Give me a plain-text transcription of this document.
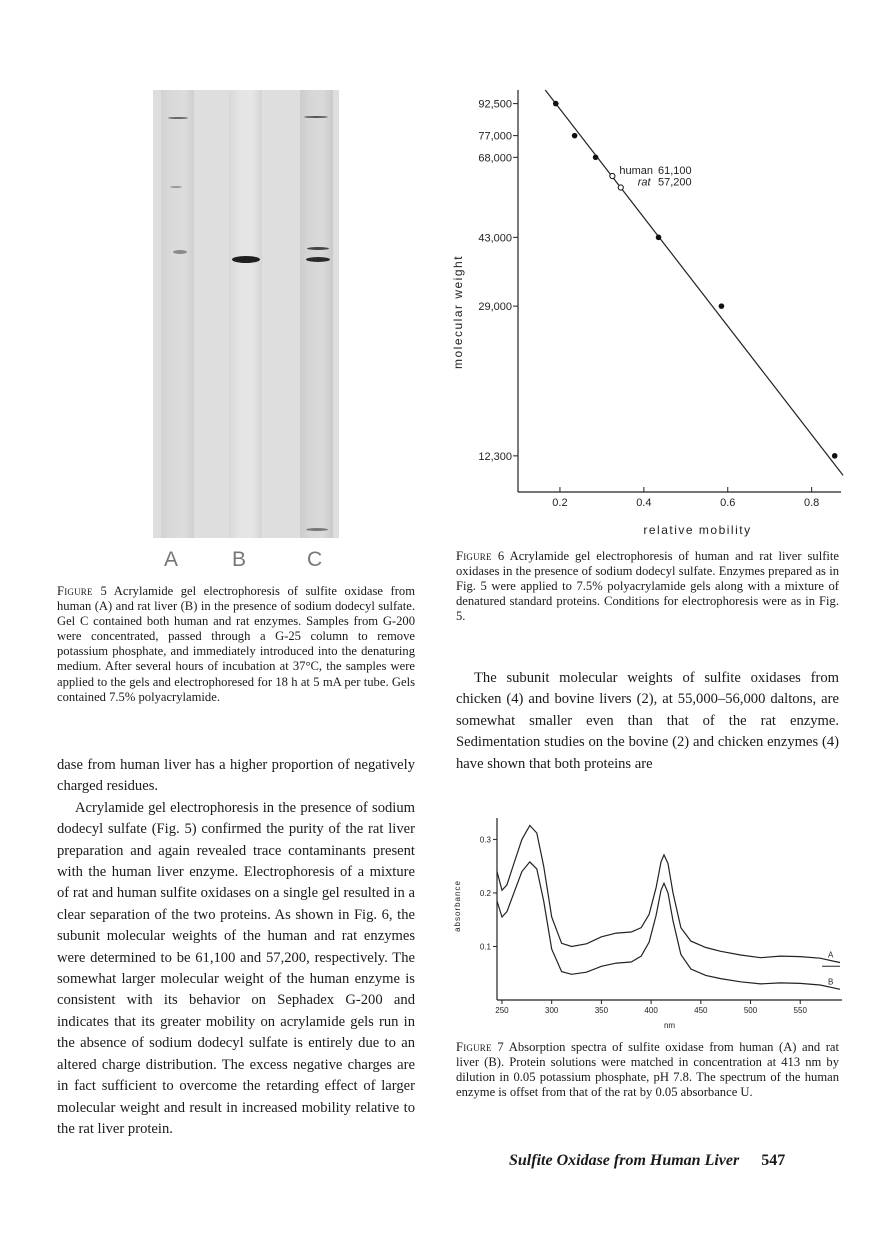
A	B	C
Figure 5 Acrylamide gel electrophoresis of sulfite oxidase from human (A) and rat liver (B) in the presence of sodium dodecyl sulfate. Gel C contained both human and rat enzymes. Samples from G-200 were concentrated, passed through a G-25 column to remove potassium phosphate, and immediately introduced into the denaturing medium. After several hours of incubation at 37°C, the samples were applied to the gels and electrophoresed for 18 h at 5 mA per tube. Gels contained 7.5% polyacrylamide.

dase from human liver has a higher proportion of negatively charged residues.

Acrylamide gel electrophoresis in the presence of sodium dodecyl sulfate (Fig. 5) confirmed the purity of the rat liver preparation and again revealed trace contaminants present with the human liver enzyme. Electrophoresis of a mixture of rat and human sulfite oxidases on a single gel resulted in a clear separation of the two proteins. As shown in Fig. 6, the subunit molecular weights of the human and rat enzymes were determined to be 61,100 and 57,200, respectively. The somewhat larger molecular weight of the human enzyme is consistent with its behavior on Sephadex G-200 and indicates that its greater mobility on acrylamide gels run in the absence of sodium dodecyl sulfate is entirely due to an altered charge distribution. The excess negative charges are in fact sufficient to overcome the retarding effect of larger molecular weight and result in increased mobility relative to the rat liver protein.

92,500
77,000
68,000
43,000
29,000
12,300
0.2	0.4	0.6	0.8
human 61,100
rat 57,200
relative mobility
molecular weight
Figure 6 Acrylamide gel electrophoresis of human and rat liver sulfite oxidases in the presence of sodium dodecyl sulfate. Enzymes prepared as in Fig. 5 were applied to 7.5% polyacrylamide gels along with a mixture of denatured standard proteins. Conditions for electrophoresis were as in Fig. 5.

The subunit molecular weights of sulfite oxidases from chicken (4) and bovine livers (2), at 55,000–56,000 daltons, are somewhat smaller even than that of the rat enzyme. Sedimentation studies on the bovine (2) and chicken enzymes (4) have shown that both proteins are

250	300	350	400	450	500	550
0.1
0.2
0.3
A
B
nm
absorbance
Figure 7 Absorption spectra of sulfite oxidase from human (A) and rat liver (B). Protein solutions were matched in concentration at 413 nm by dilution in 0.05 potassium phosphate, pH 7.8. The spectrum of the human enzyme is offset from that of the rat by 0.05 absorbance U.
Sulfite Oxidase from Human Liver 547
